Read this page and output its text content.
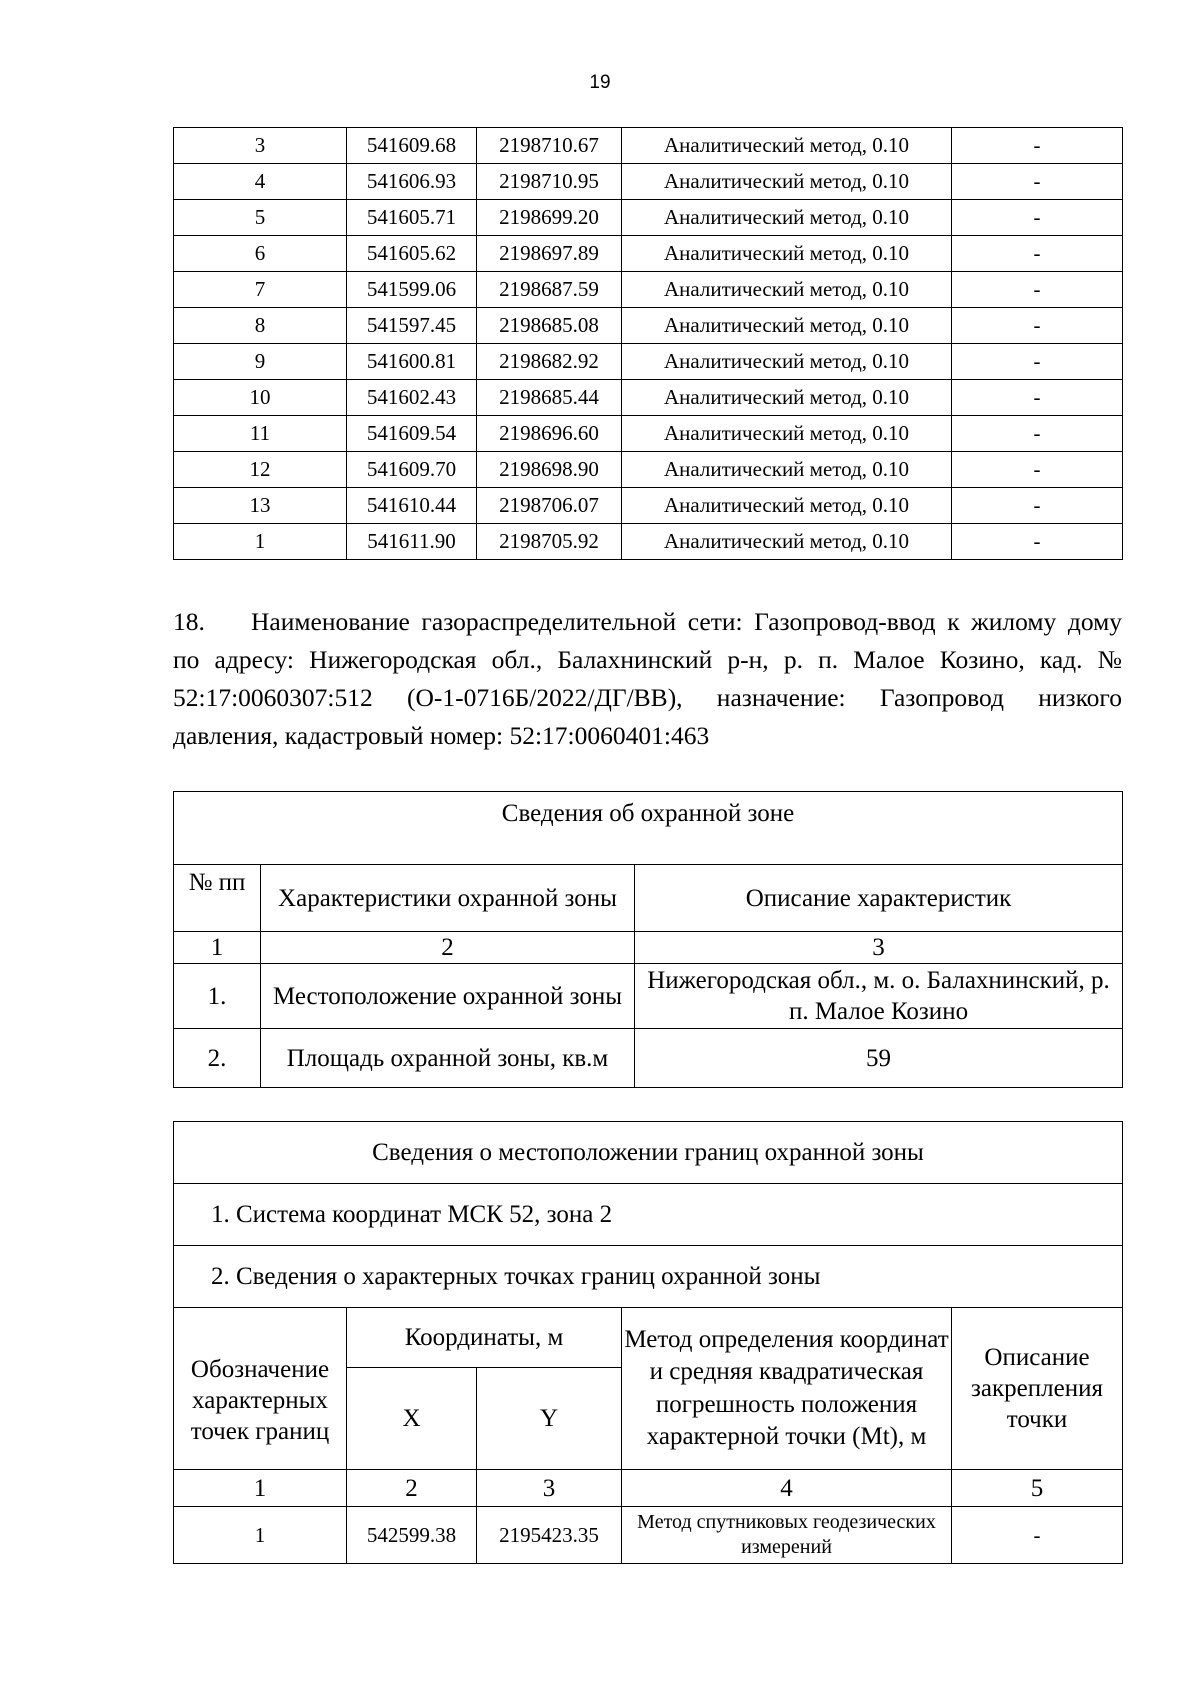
19
3	541609.68	2198710.67	Аналитический метод, 0.10	-
4	541606.93	2198710.95	Аналитический метод, 0.10	-
5	541605.71	2198699.20	Аналитический метод, 0.10	-
6	541605.62	2198697.89	Аналитический метод, 0.10	-
7	541599.06	2198687.59	Аналитический метод, 0.10	-
8	541597.45	2198685.08	Аналитический метод, 0.10	-
9	541600.81	2198682.92	Аналитический метод, 0.10	-
10	541602.43	2198685.44	Аналитический метод, 0.10	-
11	541609.54	2198696.60	Аналитический метод, 0.10	-
12	541609.70	2198698.90	Аналитический метод, 0.10	-
13	541610.44	2198706.07	Аналитический метод, 0.10	-
1	541611.90	2198705.92	Аналитический метод, 0.10	-
18. Наименование газораспределительной сети: Газопровод-ввод к жилому дому по адресу: Нижегородская обл., Балахнинский р-н, р. п. Малое Козино, кад. № 52:17:0060307:512 (О-1-0716Б/2022/ДГ/ВВ), назначение: Газопровод низкого давления, кадастровый номер: 52:17:0060401:463
Сведения об охранной зоне		
№ пп	Характеристики охранной зоны	Описание характеристик
1	2	3
1.	Местоположение охранной зоны	Нижегородская обл., м. о. Балахнинский, р. п. Малое Козино
2.	Площадь охранной зоны, кв.м	59
Сведения о местоположении границ охранной зоны				
1. Система координат МСК 52, зона 2				
2. Сведения о характерных точках границ охранной зоны				
Обозначение характерных точек границ	Координаты, м		Метод определения координат и средняя квадратическая погрешность положения характерной точки (Mt), м	Описание закрепления точки
	X	Y		
1	2	3	4	5
1	542599.38	2195423.35	Метод спутниковых геодезических измерений	-
